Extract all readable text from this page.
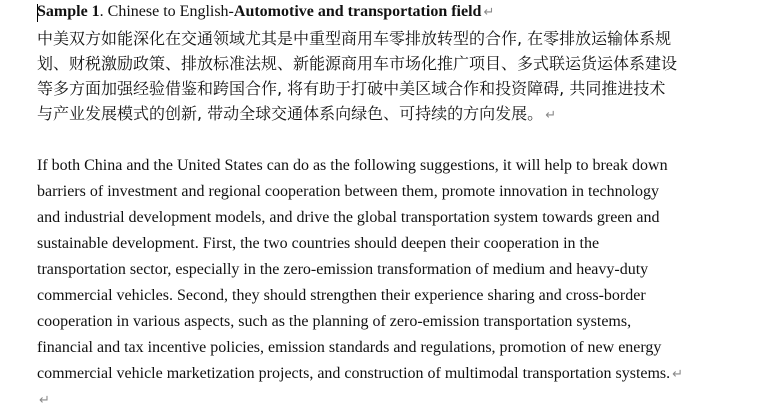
Sample 1. Chinese to English-Automotive and transportation field ↵
中美双方如能深化在交通领域尤其是中重型商用车零排放转型的合作, 在零排放运输体系规
划、财税激励政策、排放标准法规、新能源商用车市场化推广项目、多式联运货运体系建设
等多方面加强经验借鉴和跨国合作, 将有助于打破中美区域合作和投资障碍, 共同推进技术
与产业发展模式的创新, 带动全球交通体系向绿色、可持续的方向发展。 ↵
If both China and the United States can do as the following suggestions, it will help to break down
barriers of investment and regional cooperation between them, promote innovation in technology
and industrial development models, and drive the global transportation system towards green and
sustainable development. First, the two countries should deepen their cooperation in the
transportation sector, especially in the zero-emission transformation of medium and heavy-duty
commercial vehicles. Second, they should strengthen their experience sharing and cross-border
cooperation in various aspects, such as the planning of zero-emission transportation systems,
financial and tax incentive policies, emission standards and regulations, promotion of new energy
commercial vehicle marketization projects, and construction of multimodal transportation systems. ↵
↵
